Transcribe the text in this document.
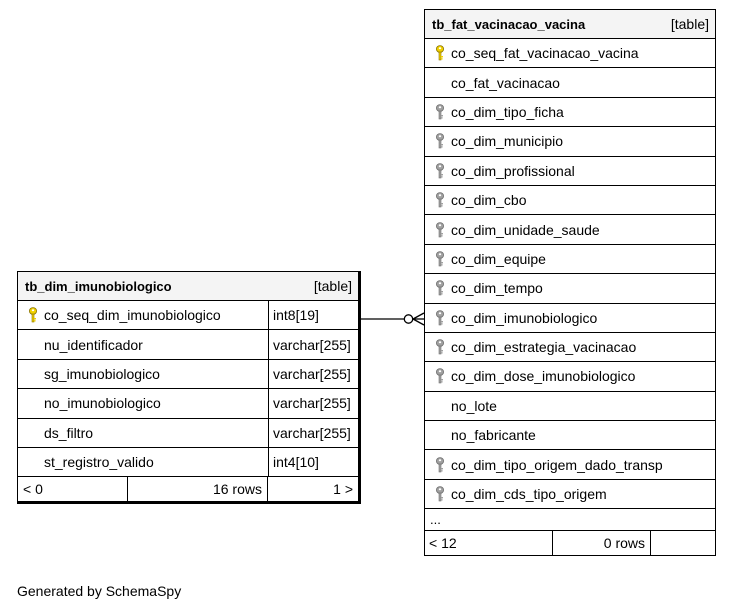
tb_dim_imunobiologico	[table]
co_seq_dim_imunobiologico	int8[19]
nu_identificador	varchar[255]
sg_imunobiologico	varchar[255]
no_imunobiologico	varchar[255]
ds_filtro	varchar[255]
st_registro_valido	int4[10]
< 0	16 rows	1 >
tb_fat_vacinacao_vacina	[table]
co_seq_fat_vacinacao_vacina
co_fat_vacinacao
co_dim_tipo_ficha
co_dim_municipio
co_dim_profissional
co_dim_cbo
co_dim_unidade_saude
co_dim_equipe
co_dim_tempo
co_dim_imunobiologico
co_dim_estrategia_vacinacao
co_dim_dose_imunobiologico
no_lote
no_fabricante
co_dim_tipo_origem_dado_transp
co_dim_cds_tipo_origem
...
< 12	0 rows
Generated by SchemaSpy
